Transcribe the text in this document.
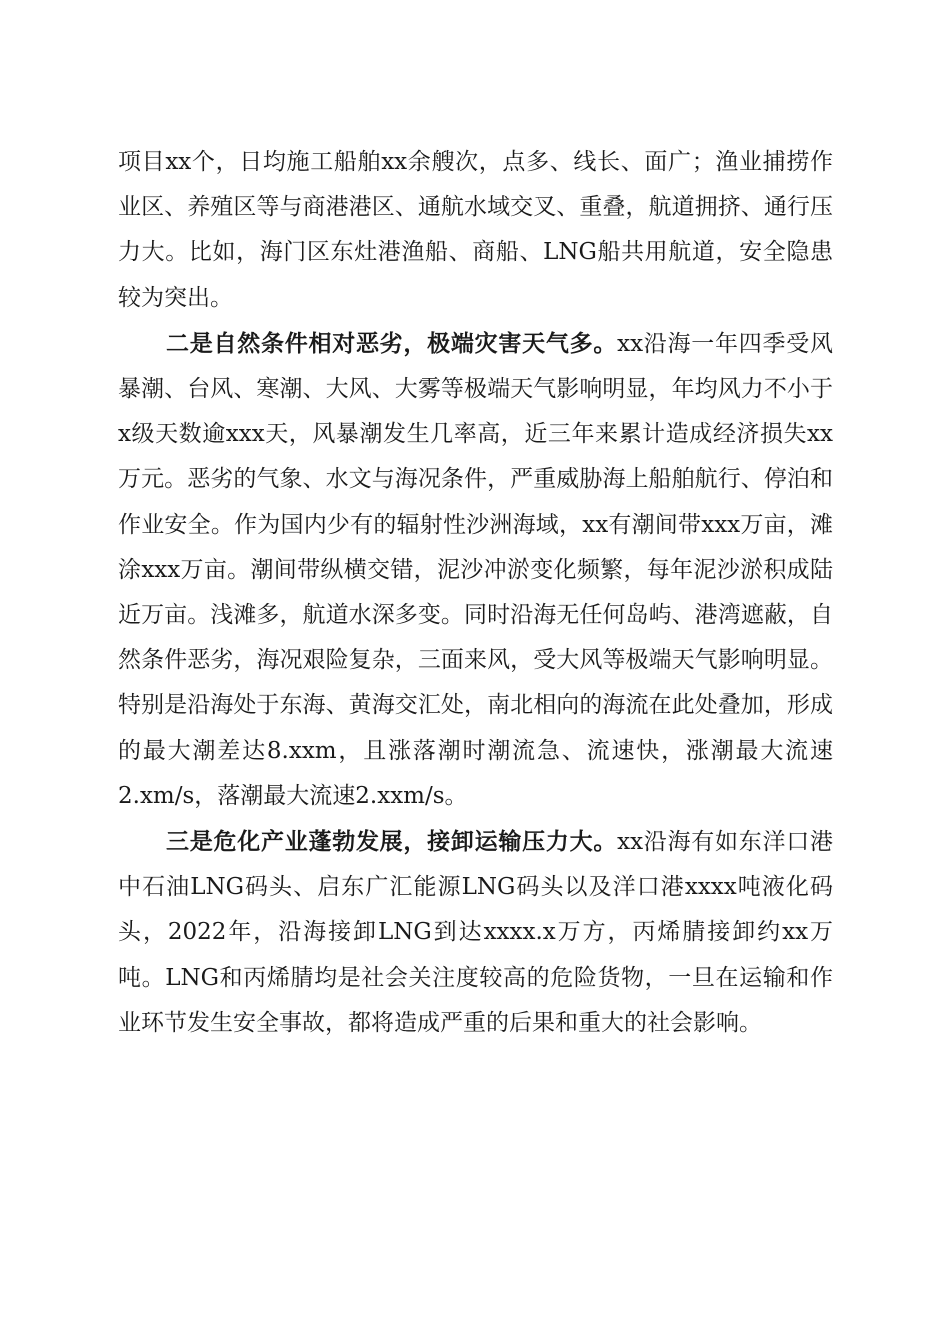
项目xx个，日均施工船舶xx余艘次，点多、线长、面广；渔业捕捞作业区、养殖区等与商港港区、通航水域交叉、重叠，航道拥挤、通行压力大。比如，海门区东灶港渔船、商船、LNG船共用航道，安全隐患较为突出。

二是自然条件相对恶劣，极端灾害天气多。xx沿海一年四季受风暴潮、台风、寒潮、大风、大雾等极端天气影响明显，年均风力不小于x级天数逾xxx天，风暴潮发生几率高，近三年来累计造成经济损失xx万元。恶劣的气象、水文与海况条件，严重威胁海上船舶航行、停泊和作业安全。作为国内少有的辐射性沙洲海域，xx有潮间带xxx万亩，滩涂xxx万亩。潮间带纵横交错，泥沙冲淤变化频繁，每年泥沙淤积成陆近万亩。浅滩多，航道水深多变。同时沿海无任何岛屿、港湾遮蔽，自然条件恶劣，海况艰险复杂，三面来风，受大风等极端天气影响明显。特别是沿海处于东海、黄海交汇处，南北相向的海流在此处叠加，形成的最大潮差达8.xxm，且涨落潮时潮流急、流速快，涨潮最大流速2.xm/s，落潮最大流速2.xxm/s。

三是危化产业蓬勃发展，接卸运输压力大。xx沿海有如东洋口港中石油LNG码头、启东广汇能源LNG码头以及洋口港xxxx吨液化码头，2022年，沿海接卸LNG到达xxxx.x万方，丙烯腈接卸约xx万吨。LNG和丙烯腈均是社会关注度较高的危险货物，一旦在运输和作业环节发生安全事故，都将造成严重的后果和重大的社会影响。
